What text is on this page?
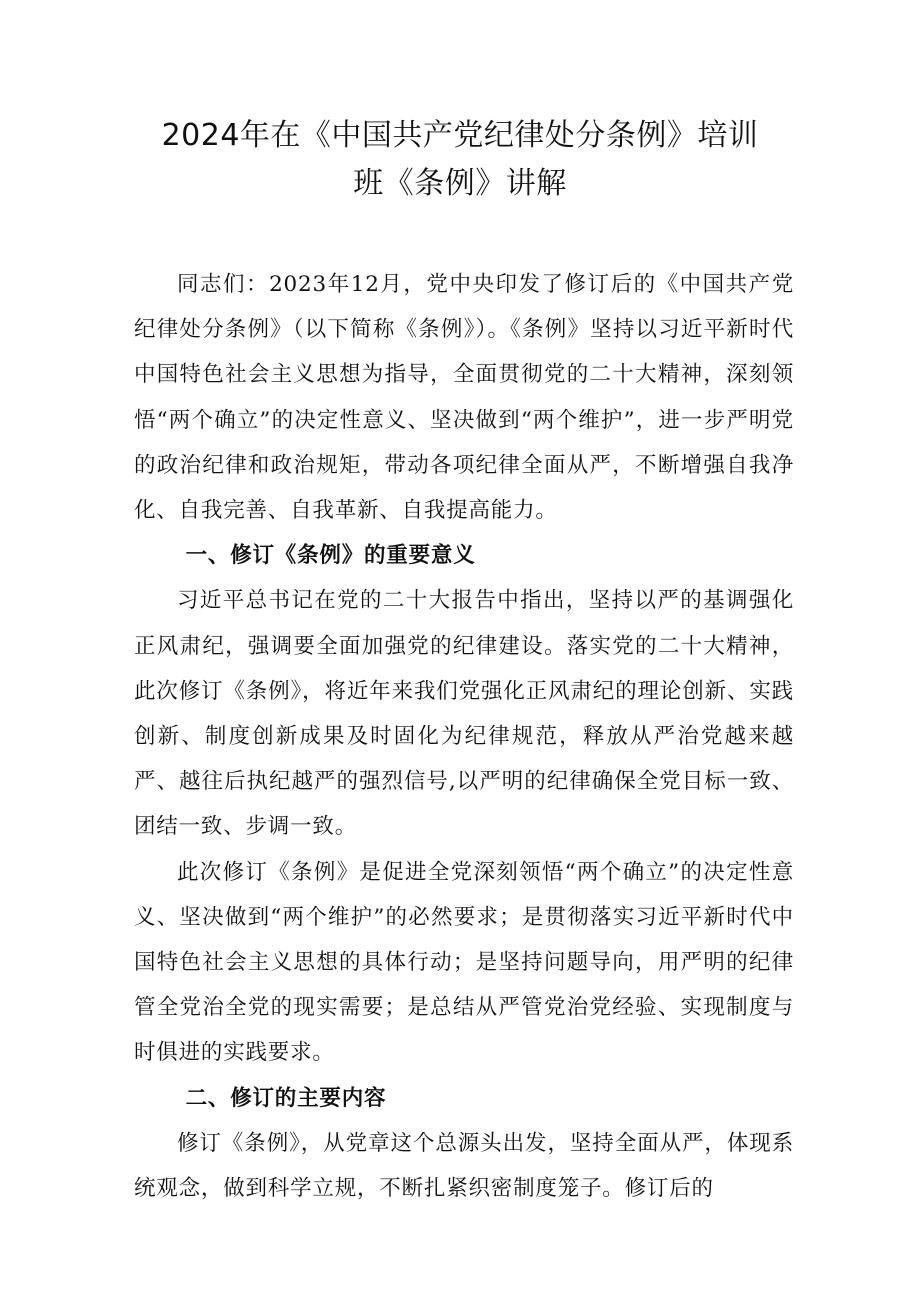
2024年在《中国共产党纪律处分条例》培训
班《条例》讲解

同志们：2023年12月，党中央印发了修订后的《中国共产党纪律处分条例》（以下简称《条例》）。《条例》坚持以习近平新时代中国特色社会主义思想为指导，全面贯彻党的二十大精神，深刻领悟“两个确立”的决定性意义、坚决做到“两个维护”，进一步严明党的政治纪律和政治规矩，带动各项纪律全面从严，不断增强自我净化、自我完善、自我革新、自我提高能力。

一、修订《条例》的重要意义

习近平总书记在党的二十大报告中指出，坚持以严的基调强化正风肃纪，强调要全面加强党的纪律建设。落实党的二十大精神，此次修订《条例》，将近年来我们党强化正风肃纪的理论创新、实践创新、制度创新成果及时固化为纪律规范，释放从严治党越来越严、越往后执纪越严的强烈信号,以严明的纪律确保全党目标一致、团结一致、步调一致。

此次修订《条例》是促进全党深刻领悟“两个确立”的决定性意义、坚决做到“两个维护”的必然要求；是贯彻落实习近平新时代中国特色社会主义思想的具体行动；是坚持问题导向，用严明的纪律管全党治全党的现实需要；是总结从严管党治党经验、实现制度与时俱进的实践要求。

二、修订的主要内容

修订《条例》，从党章这个总源头出发，坚持全面从严，体现系统观念，做到科学立规，不断扎紧织密制度笼子。修订后的
